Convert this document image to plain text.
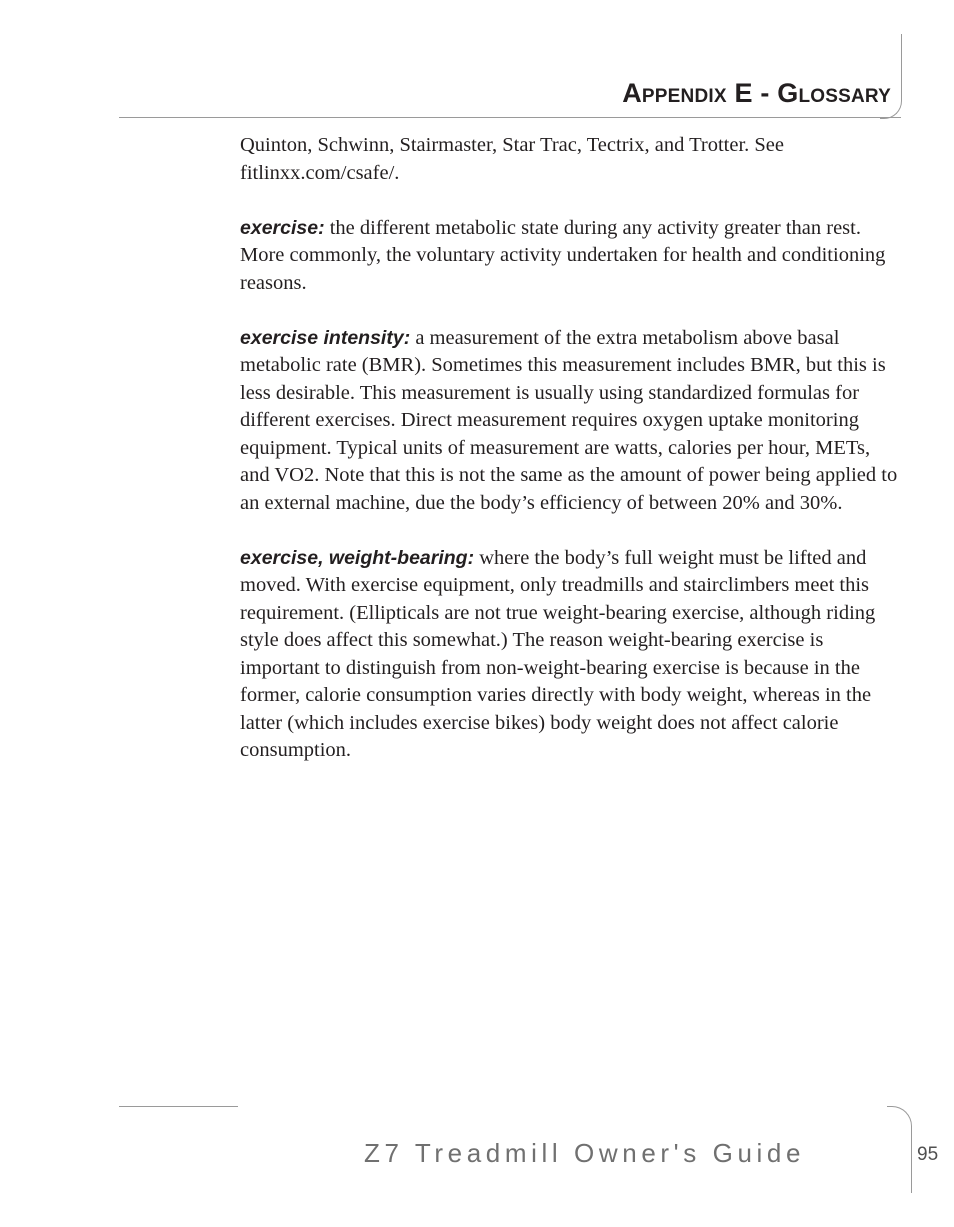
Appendix E - Glossary

Quinton, Schwinn, Stairmaster, Star Trac, Tectrix, and Trotter. See fitlinxx.com/csafe/.

exercise: the different metabolic state during any activity greater than rest. More commonly, the voluntary activity undertaken for health and conditioning reasons.

exercise intensity: a measurement of the extra metabolism above basal metabolic rate (BMR). Sometimes this measurement includes BMR, but this is less desirable. This measurement is usually using standardized formulas for different exercises. Direct measurement requires oxygen uptake monitoring equipment. Typical units of measurement are watts, calories per hour, METs, and VO2. Note that this is not the same as the amount of power being applied to an external machine, due the body’s efficiency of between 20% and 30%.

exercise, weight-bearing: where the body’s full weight must be lifted and moved. With exercise equipment, only treadmills and stairclimbers meet this requirement. (Ellipticals are not true weight-bearing exercise, although riding style does affect this somewhat.) The reason weight-bearing exercise is important to distinguish from non-weight-bearing exercise is because in the former, calorie consumption varies directly with body weight, whereas in the latter (which includes exercise bikes) body weight does not affect calorie consumption.

Z7 Treadmill Owner's Guide	95
